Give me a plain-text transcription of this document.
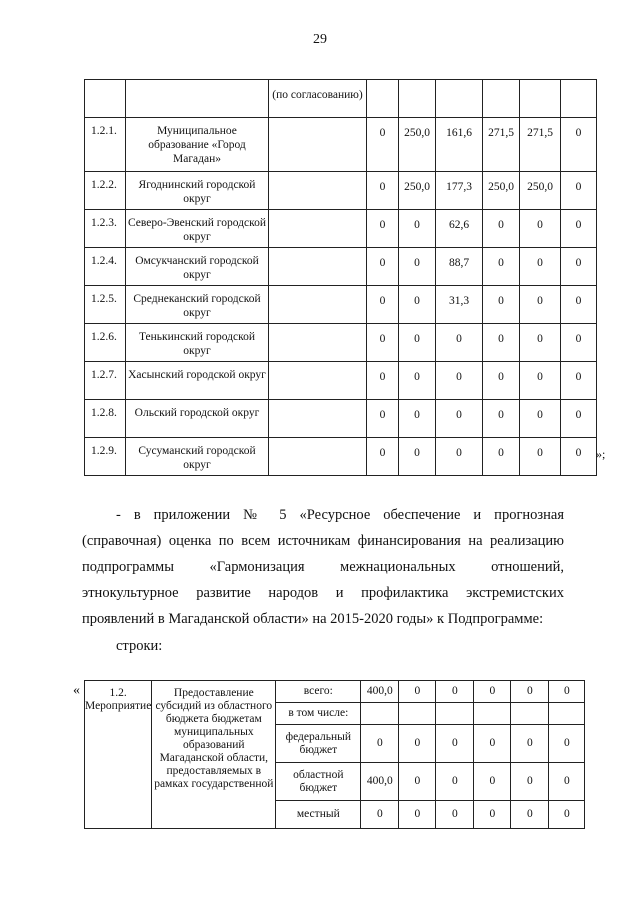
29
		(по согласованию)						
1.2.1.	Муниципальное образование «Город Магадан»		0	250,0	161,6	271,5	271,5	0
1.2.2.	Ягоднинский городской округ		0	250,0	177,3	250,0	250,0	0
1.2.3.	Северо-Эвенский городской округ		0	0	62,6	0	0	0
1.2.4.	Омсукчанский городской округ		0	0	88,7	0	0	0
1.2.5.	Среднеканский городской округ		0	0	31,3	0	0	0
1.2.6.	Тенькинский городской округ		0	0	0	0	0	0
1.2.7.	Хасынский городской округ		0	0	0	0	0	0
1.2.8.	Ольский городской округ		0	0	0	0	0	0
1.2.9.	Сусуманский городской округ		0	0	0	0	0	0 »;
- в приложении № 5 «Ресурсное обеспечение и прогнозная
(справочная) оценка по всем источникам финансирования на реализацию
подпрограммы «Гармонизация межнациональных отношений,
этнокультурное развитие народов и профилактика экстремистских
проявлений в Магаданской области» на 2015-2020 годы» к Подпрограмме:
строки:
«	1.2. Мероприятие	Предоставление субсидий из областного бюджета бюджетам муниципальных образований Магаданской области, предоставляемых в рамках государственной	всего:	400,0	0	0	0	0	0
		в том числе:						
		федеральный бюджет	0	0	0	0	0	0
		областной бюджет	400,0	0	0	0	0	0
		местный	0	0	0	0	0	0
